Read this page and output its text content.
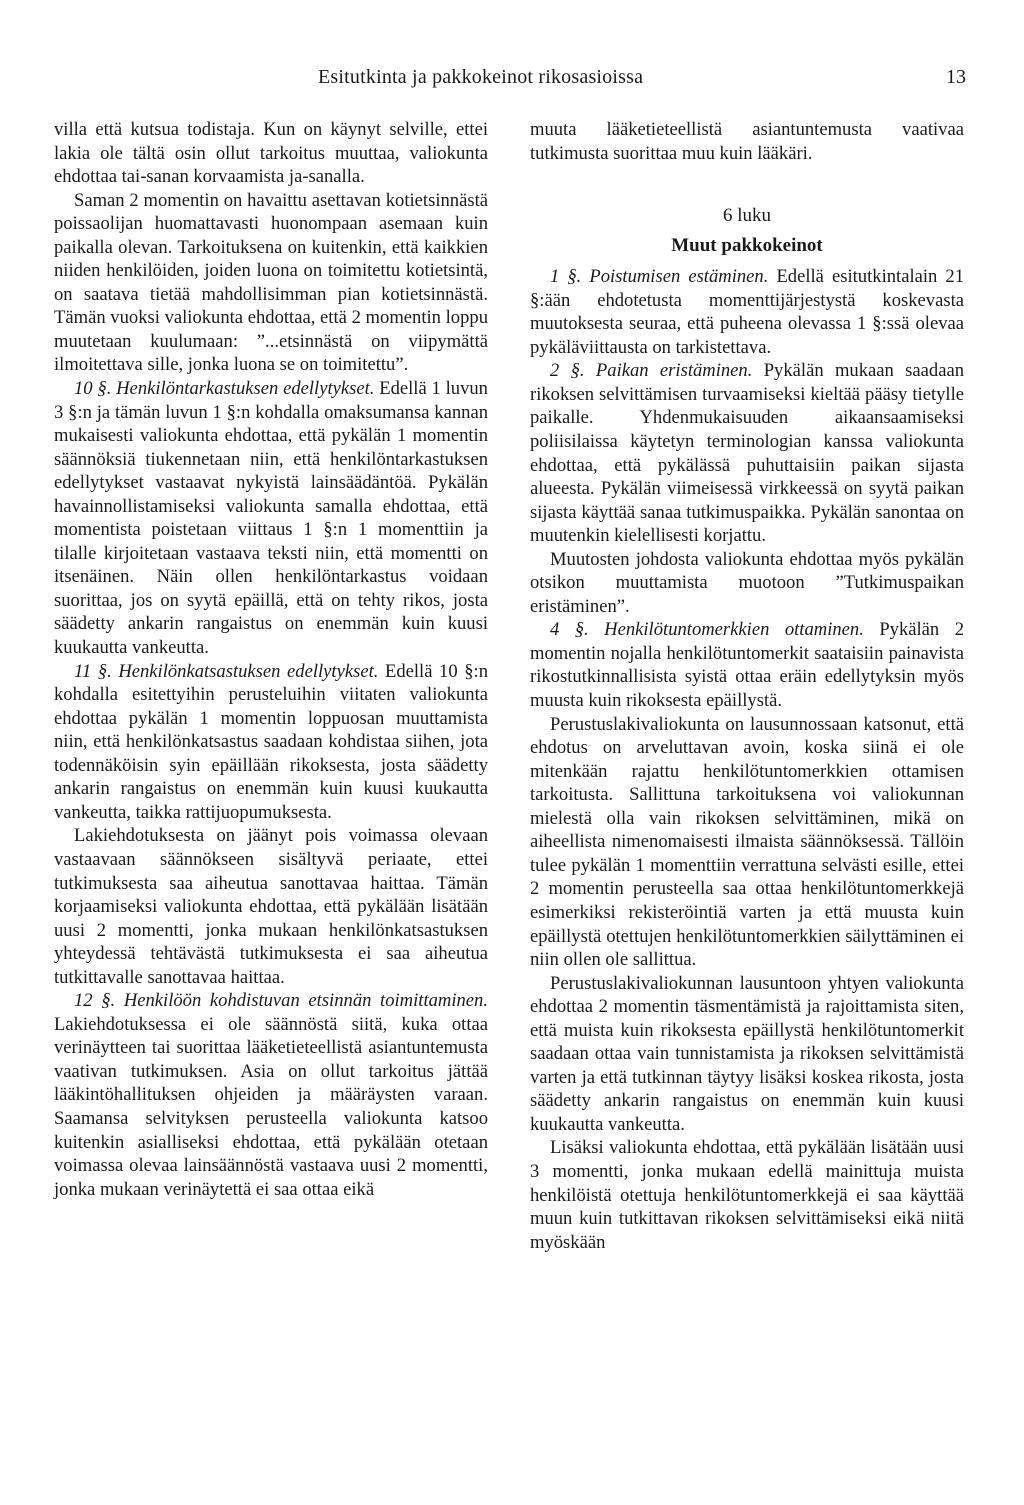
Esitutkinta ja pakkokeinot rikosasioissa	13

villa että kutsua todistaja. Kun on käynyt selville, ettei lakia ole tältä osin ollut tarkoitus muuttaa, valiokunta ehdottaa tai-sanan korvaamista ja-sanalla.

Saman 2 momentin on havaittu asettavan kotietsinnästä poissaolijan huomattavasti huonompaan asemaan kuin paikalla olevan. Tarkoituksena on kuitenkin, että kaikkien niiden henkilöiden, joiden luona on toimitettu kotietsintä, on saatava tietää mahdollisimman pian kotietsinnästä. Tämän vuoksi valiokunta ehdottaa, että 2 momentin loppu muutetaan kuulumaan: ”...etsinnästä on viipymättä ilmoitettava sille, jonka luona se on toimitettu”.

10 §. Henkilöntarkastuksen edellytykset. Edellä 1 luvun 3 §:n ja tämän luvun 1 §:n kohdalla omaksumansa kannan mukaisesti valiokunta ehdottaa, että pykälän 1 momentin säännöksiä tiukennetaan niin, että henkilöntarkastuksen edellytykset vastaavat nykyistä lainsäädäntöä. Pykälän havainnollistamiseksi valiokunta samalla ehdottaa, että momentista poistetaan viittaus 1 §:n 1 momenttiin ja tilalle kirjoitetaan vastaava teksti niin, että momentti on itsenäinen. Näin ollen henkilöntarkastus voidaan suorittaa, jos on syytä epäillä, että on tehty rikos, josta säädetty ankarin rangaistus on enemmän kuin kuusi kuukautta vankeutta.

11 §. Henkilönkatsastuksen edellytykset. Edellä 10 §:n kohdalla esitettyihin perusteluihin viitaten valiokunta ehdottaa pykälän 1 momentin loppuosan muuttamista niin, että henkilönkatsastus saadaan kohdistaa siihen, jota todennäköisin syin epäillään rikoksesta, josta säädetty ankarin rangaistus on enemmän kuin kuusi kuukautta vankeutta, taikka rattijuopumuksesta.

Lakiehdotuksesta on jäänyt pois voimassa olevaan vastaavaan säännökseen sisältyvä periaate, ettei tutkimuksesta saa aiheutua sanottavaa haittaa. Tämän korjaamiseksi valiokunta ehdottaa, että pykälään lisätään uusi 2 momentti, jonka mukaan henkilönkatsastuksen yhteydessä tehtävästä tutkimuksesta ei saa aiheutua tutkittavalle sanottavaa haittaa.

12 §. Henkilöön kohdistuvan etsinnän toimittaminen. Lakiehdotuksessa ei ole säännöstä siitä, kuka ottaa verinäytteen tai suorittaa lääketieteellistä asiantuntemusta vaativan tutkimuksen. Asia on ollut tarkoitus jättää lääkintöhallituksen ohjeiden ja määräysten varaan. Saamansa selvityksen perusteella valiokunta katsoo kuitenkin asialliseksi ehdottaa, että pykälään otetaan voimassa olevaa lainsäännöstä vastaava uusi 2 momentti, jonka mukaan verinäytettä ei saa ottaa eikä

muuta lääketieteellistä asiantuntemusta vaativaa tutkimusta suorittaa muu kuin lääkäri.

6 luku
Muut pakkokeinot

1 §. Poistumisen estäminen. Edellä esitutkintalain 21 §:ään ehdotetusta momenttijärjestystä koskevasta muutoksesta seuraa, että puheena olevassa 1 §:ssä olevaa pykäläviittausta on tarkistettava.

2 §. Paikan eristäminen. Pykälän mukaan saadaan rikoksen selvittämisen turvaamiseksi kieltää pääsy tietylle paikalle. Yhdenmukaisuuden aikaansaamiseksi poliisilaissa käytetyn terminologian kanssa valiokunta ehdottaa, että pykälässä puhuttaisiin paikan sijasta alueesta. Pykälän viimeisessä virkkeessä on syytä paikan sijasta käyttää sanaa tutkimuspaikka. Pykälän sanontaa on muutenkin kielellisesti korjattu.

Muutosten johdosta valiokunta ehdottaa myös pykälän otsikon muuttamista muotoon ”Tutkimuspaikan eristäminen”.

4 §. Henkilötuntomerkkien ottaminen. Pykälän 2 momentin nojalla henkilötuntomerkit saataisiin painavista rikostutkinnallisista syistä ottaa eräin edellytyksin myös muusta kuin rikoksesta epäillystä.

Perustuslakivaliokunta on lausunnossaan katsonut, että ehdotus on arveluttavan avoin, koska siinä ei ole mitenkään rajattu henkilötuntomerkkien ottamisen tarkoitusta. Sallittuna tarkoituksena voi valiokunnan mielestä olla vain rikoksen selvittäminen, mikä on aiheellista nimenomaisesti ilmaista säännöksessä. Tällöin tulee pykälän 1 momenttiin verrattuna selvästi esille, ettei 2 momentin perusteella saa ottaa henkilötuntomerkkejä esimerkiksi rekisteröintiä varten ja että muusta kuin epäillystä otettujen henkilötuntomerkkien säilyttäminen ei niin ollen ole sallittua.

Perustuslakivaliokunnan lausuntoon yhtyen valiokunta ehdottaa 2 momentin täsmentämistä ja rajoittamista siten, että muista kuin rikoksesta epäillystä henkilötuntomerkit saadaan ottaa vain tunnistamista ja rikoksen selvittämistä varten ja että tutkinnan täytyy lisäksi koskea rikosta, josta säädetty ankarin rangaistus on enemmän kuin kuusi kuukautta vankeutta.

Lisäksi valiokunta ehdottaa, että pykälään lisätään uusi 3 momentti, jonka mukaan edellä mainittuja muista henkilöistä otettuja henkilötuntomerkkejä ei saa käyttää muun kuin tutkittavan rikoksen selvittämiseksi eikä niitä myöskään
